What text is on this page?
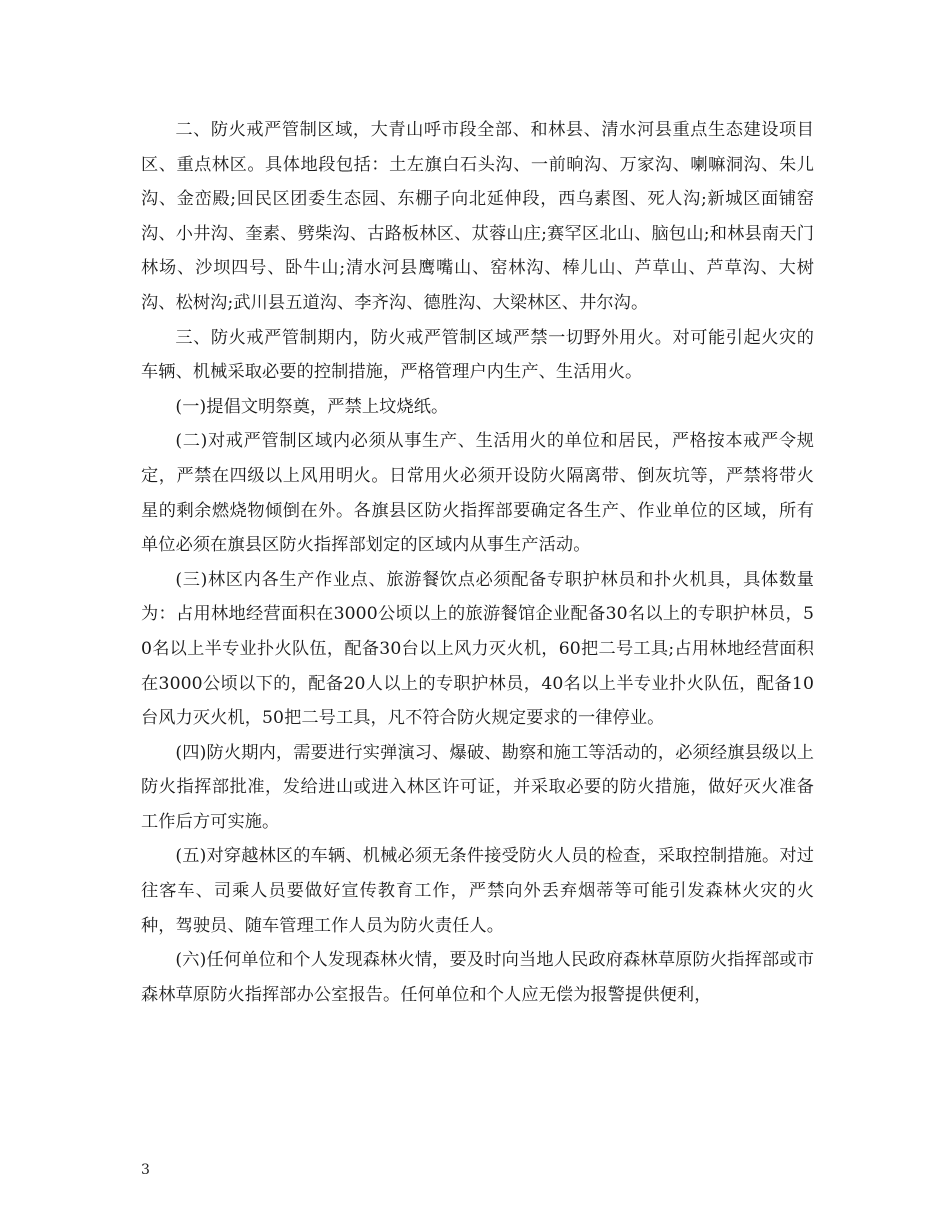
二、防火戒严管制区域，大青山呼市段全部、和林县、清水河县重点生态建设项目区、重点林区。具体地段包括：土左旗白石头沟、一前晌沟、万家沟、喇嘛洞沟、朱儿沟、金峦殿;回民区团委生态园、东棚子向北延伸段，西乌素图、死人沟;新城区面铺窑沟、小井沟、奎素、劈柴沟、古路板林区、苁蓉山庄;赛罕区北山、脑包山;和林县南天门林场、沙坝四号、卧牛山;清水河县鹰嘴山、窑林沟、棒儿山、芦草山、芦草沟、大树沟、松树沟;武川县五道沟、李齐沟、德胜沟、大梁林区、井尔沟。

三、防火戒严管制期内，防火戒严管制区域严禁一切野外用火。对可能引起火灾的车辆、机械采取必要的控制措施，严格管理户内生产、生活用火。

(一)提倡文明祭奠，严禁上坟烧纸。

(二)对戒严管制区域内必须从事生产、生活用火的单位和居民，严格按本戒严令规定，严禁在四级以上风用明火。日常用火必须开设防火隔离带、倒灰坑等，严禁将带火星的剩余燃烧物倾倒在外。各旗县区防火指挥部要确定各生产、作业单位的区域，所有单位必须在旗县区防火指挥部划定的区域内从事生产活动。

(三)林区内各生产作业点、旅游餐饮点必须配备专职护林员和扑火机具，具体数量为：占用林地经营面积在3000公顷以上的旅游餐馆企业配备30名以上的专职护林员，50名以上半专业扑火队伍，配备30台以上风力灭火机，60把二号工具;占用林地经营面积在3000公顷以下的，配备20人以上的专职护林员，40名以上半专业扑火队伍，配备10台风力灭火机，50把二号工具，凡不符合防火规定要求的一律停业。

(四)防火期内，需要进行实弹演习、爆破、勘察和施工等活动的，必须经旗县级以上防火指挥部批准，发给进山或进入林区许可证，并采取必要的防火措施，做好灭火准备工作后方可实施。

(五)对穿越林区的车辆、机械必须无条件接受防火人员的检查，采取控制措施。对过往客车、司乘人员要做好宣传教育工作，严禁向外丢弃烟蒂等可能引发森林火灾的火种，驾驶员、随车管理工作人员为防火责任人。

(六)任何单位和个人发现森林火情，要及时向当地人民政府森林草原防火指挥部或市森林草原防火指挥部办公室报告。任何单位和个人应无偿为报警提供便利，

3
